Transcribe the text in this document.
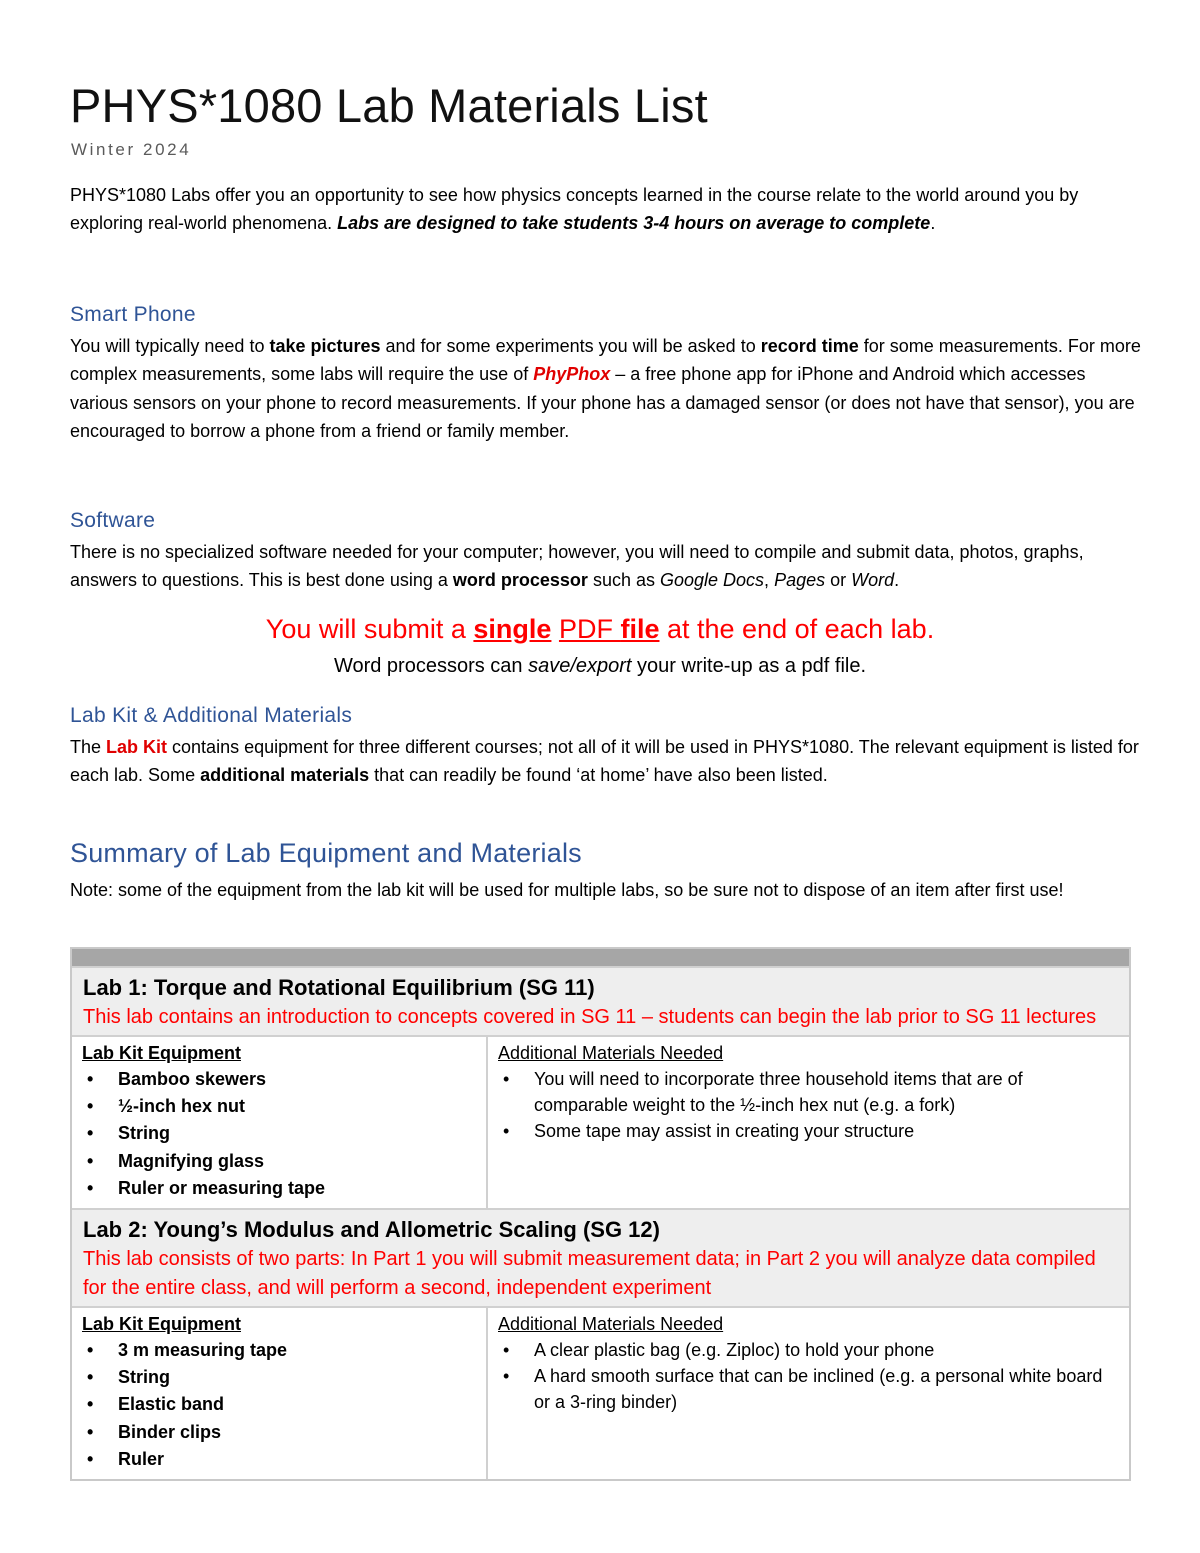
PHYS*1080 Lab Materials List
Winter 2024
PHYS*1080 Labs offer you an opportunity to see how physics concepts learned in the course relate to the world around you by exploring real-world phenomena. Labs are designed to take students 3-4 hours on average to complete.
Smart Phone
You will typically need to take pictures and for some experiments you will be asked to record time for some measurements. For more complex measurements, some labs will require the use of PhyPhox – a free phone app for iPhone and Android which accesses various sensors on your phone to record measurements. If your phone has a damaged sensor (or does not have that sensor), you are encouraged to borrow a phone from a friend or family member.
Software
There is no specialized software needed for your computer; however, you will need to compile and submit data, photos, graphs, answers to questions. This is best done using a word processor such as Google Docs, Pages or Word.
You will submit a single PDF file at the end of each lab.
Word processors can save/export your write-up as a pdf file.
Lab Kit & Additional Materials
The Lab Kit contains equipment for three different courses; not all of it will be used in PHYS*1080. The relevant equipment is listed for each lab. Some additional materials that can readily be found ‘at home’ have also been listed.
Summary of Lab Equipment and Materials
Note: some of the equipment from the lab kit will be used for multiple labs, so be sure not to dispose of an item after first use!
Lab 1: Torque and Rotational Equilibrium (SG 11)
This lab contains an introduction to concepts covered in SG 11 – students can begin the lab prior to SG 11 lectures
Lab Kit Equipment
• Bamboo skewers
• ½-inch hex nut
• String
• Magnifying glass
• Ruler or measuring tape
Additional Materials Needed
• You will need to incorporate three household items that are of comparable weight to the ½-inch hex nut (e.g. a fork)
• Some tape may assist in creating your structure
Lab 2: Young’s Modulus and Allometric Scaling (SG 12)
This lab consists of two parts: In Part 1 you will submit measurement data; in Part 2 you will analyze data compiled for the entire class, and will perform a second, independent experiment
Lab Kit Equipment
• 3 m measuring tape
• String
• Elastic band
• Binder clips
• Ruler
Additional Materials Needed
• A clear plastic bag (e.g. Ziploc) to hold your phone
• A hard smooth surface that can be inclined (e.g. a personal white board or a 3-ring binder)
